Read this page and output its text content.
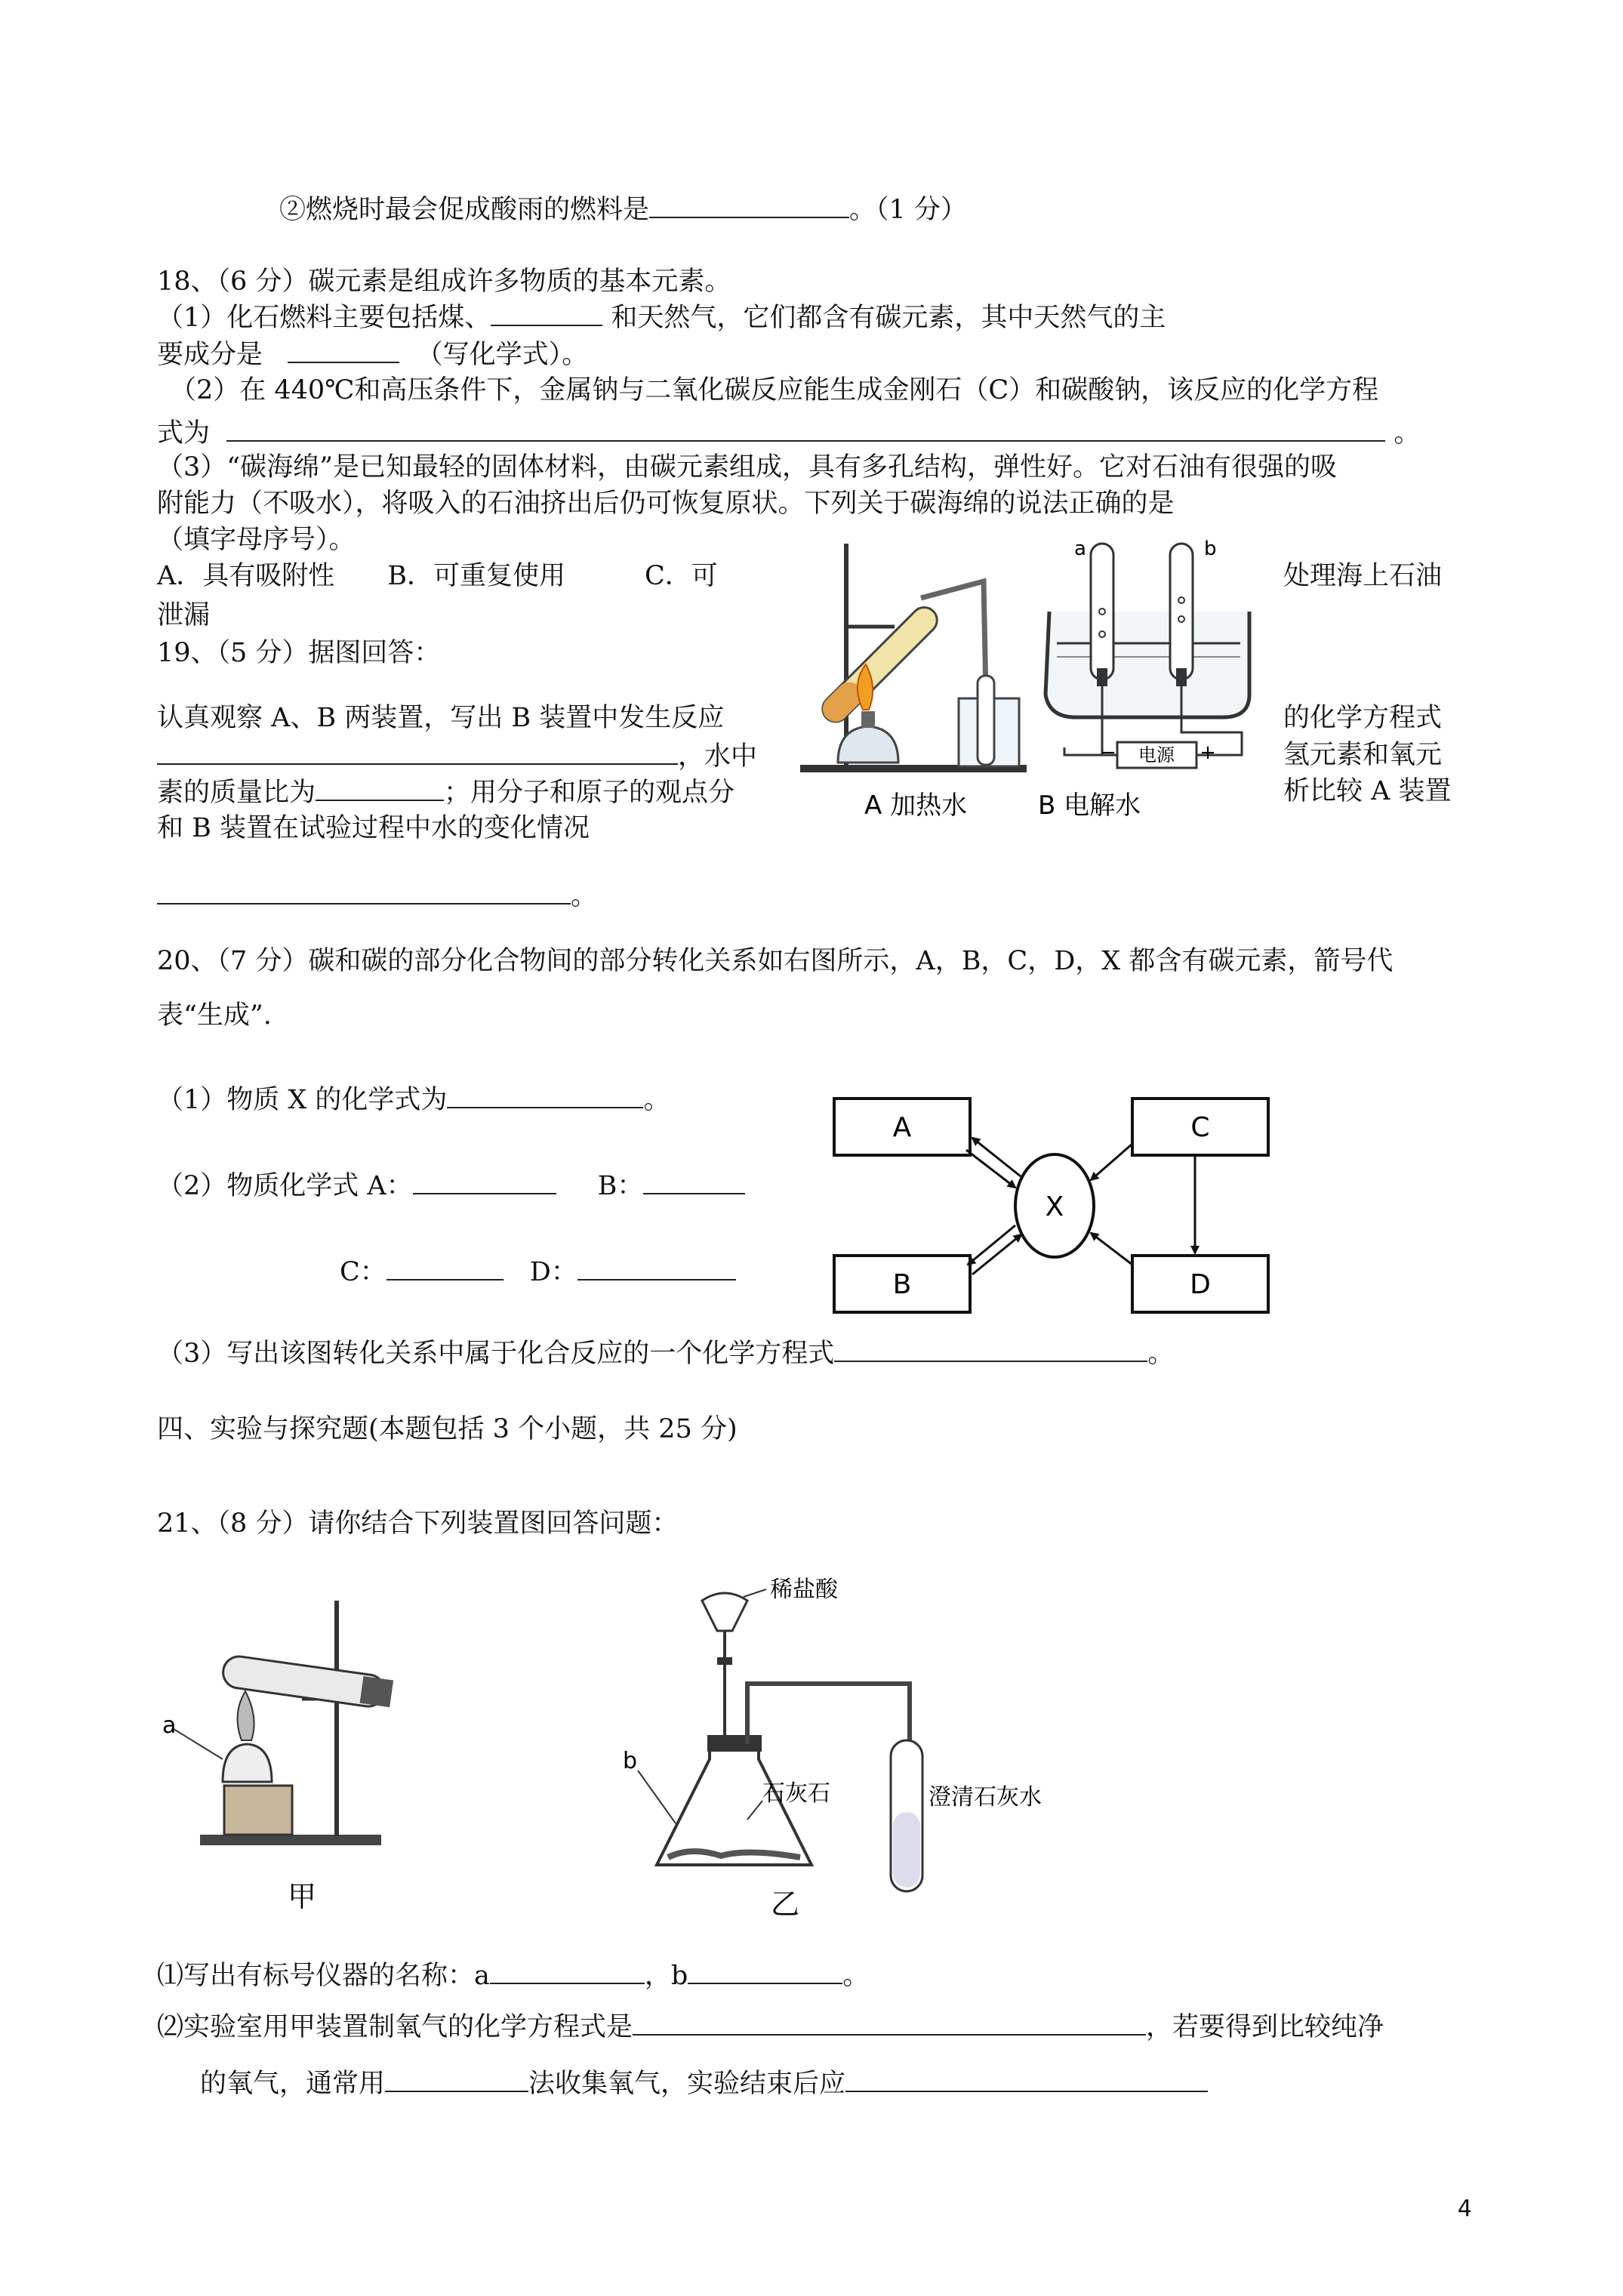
②燃烧时最会促成酸雨的燃料是	。（1 分）
18、（6 分）碳元素是组成许多物质的基本元素。
（1）化石燃料主要包括煤、	和天然气，它们都含有碳元素，其中天然气的主
要成分是	（写化学式）。
（2）在 440℃和高压条件下，金属钠与二氧化碳反应能生成金刚石（C）和碳酸钠，该反应的化学方程
式为	。
（3）“碳海绵”是已知最轻的固体材料，由碳元素组成，具有多孔结构，弹性好。它对石油有很强的吸
附能力（不吸水），将吸入的石油挤出后仍可恢复原状。下列关于碳海绵的说法正确的是
（填字母序号）。
A．具有吸附性　　B．可重复使用　　　C．可	处理海上石油
泄漏
19、（5 分）据图回答：
认真观察 A、B 两装置，写出 B 装置中发生反应	的化学方程式
，水中	氢元素和氧元
素的质量比为	；用分子和原子的观点分	析比较 A 装置
和 B 装置在试验过程中水的变化情况
。
电源
−	+
a	b
A 加热水	B 电解水
20、（7 分）碳和碳的部分化合物间的部分转化关系如右图所示，A，B，C，D，X 都含有碳元素，箭号代
表“生成”.
（1）物质 X 的化学式为	。
（2）物质化学式 A：	B：
C：	D：
（3）写出该图转化关系中属于化合反应的一个化学方程式	。
A	C
B	D
X
四、实验与探究题(本题包括 3 个小题，共 25 分)
21、（8 分）请你结合下列装置图回答问题：
a
甲
稀盐酸
b
石灰石	澄清石灰水
乙
⑴写出有标号仪器的名称：a	，b	。
⑵实验室用甲装置制氧气的化学方程式是	，若要得到比较纯净
的氧气，通常用	法收集氧气，实验结束后应
4
